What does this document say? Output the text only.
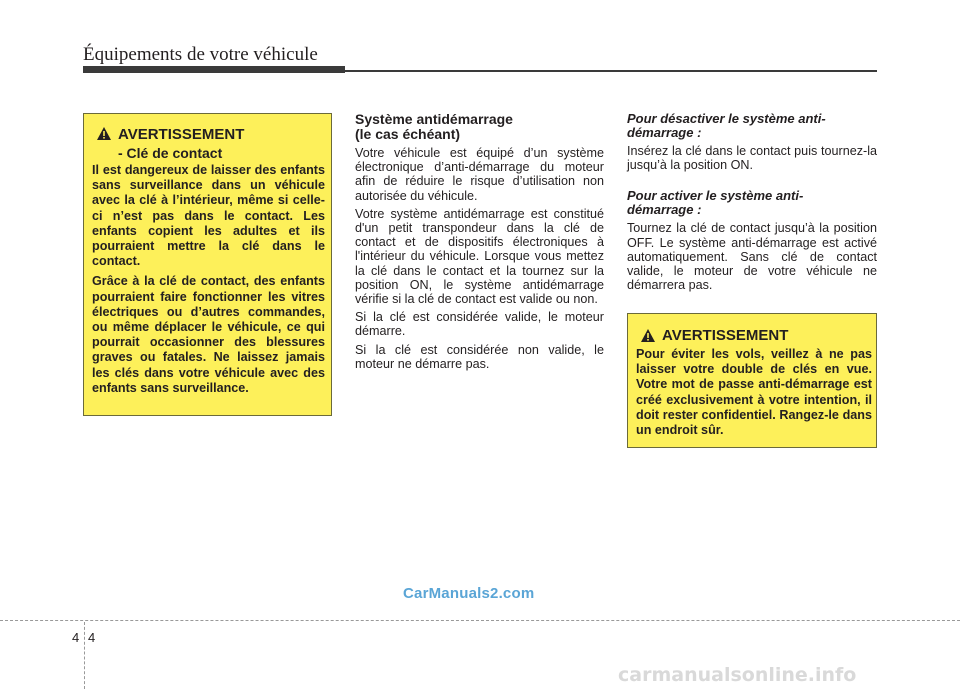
Équipements de votre véhicule
AVERTISSEMENT
- Clé de contact

Il est dangereux de laisser des enfants sans surveillance dans un véhicule avec la clé à l’intérieur, même si celle-ci n’est pas dans le contact. Les enfants copient les adultes et ils pourraient mettre la clé dans le contact.

Grâce à la clé de contact, des enfants pourraient faire fonctionner les vitres électriques ou d’autres commandes, ou même déplacer le véhicule, ce qui pourrait occasionner des blessures graves ou fatales. Ne laissez jamais les clés dans votre véhicule avec des enfants sans surveillance.

Système antidémarrage
(le cas échéant)

Votre véhicule est équipé d’un système électronique d’anti-démarrage du moteur afin de réduire le risque d’utilisation non autorisée du véhicule.

Votre système antidémarrage est constitué d'un petit transpondeur dans la clé de contact et de dispositifs électroniques à l'intérieur du véhicule. Lorsque vous mettez la clé dans le contact et la tournez sur la position ON, le système antidémarrage vérifie si la clé de contact est valide ou non.

Si la clé est considérée valide, le moteur démarre.

Si la clé est considérée non valide, le moteur ne démarre pas.

Pour désactiver le système anti-
démarrage :

Insérez la clé dans le contact puis tournez-la jusqu’à la position ON.

Pour activer le système anti-
démarrage :

Tournez la clé de contact jusqu’à la position OFF. Le système anti-démarrage est activé automatiquement. Sans clé de contact valide, le moteur de votre véhicule ne démarrera pas.

AVERTISSEMENT

Pour éviter les vols, veillez à ne pas laisser votre double de clés en vue. Votre mot de passe anti-démarrage est créé exclusivement à votre intention, il doit rester confidentiel. Rangez-le dans un endroit sûr.

CarManuals2.com
4 4
carmanualsonline.info
